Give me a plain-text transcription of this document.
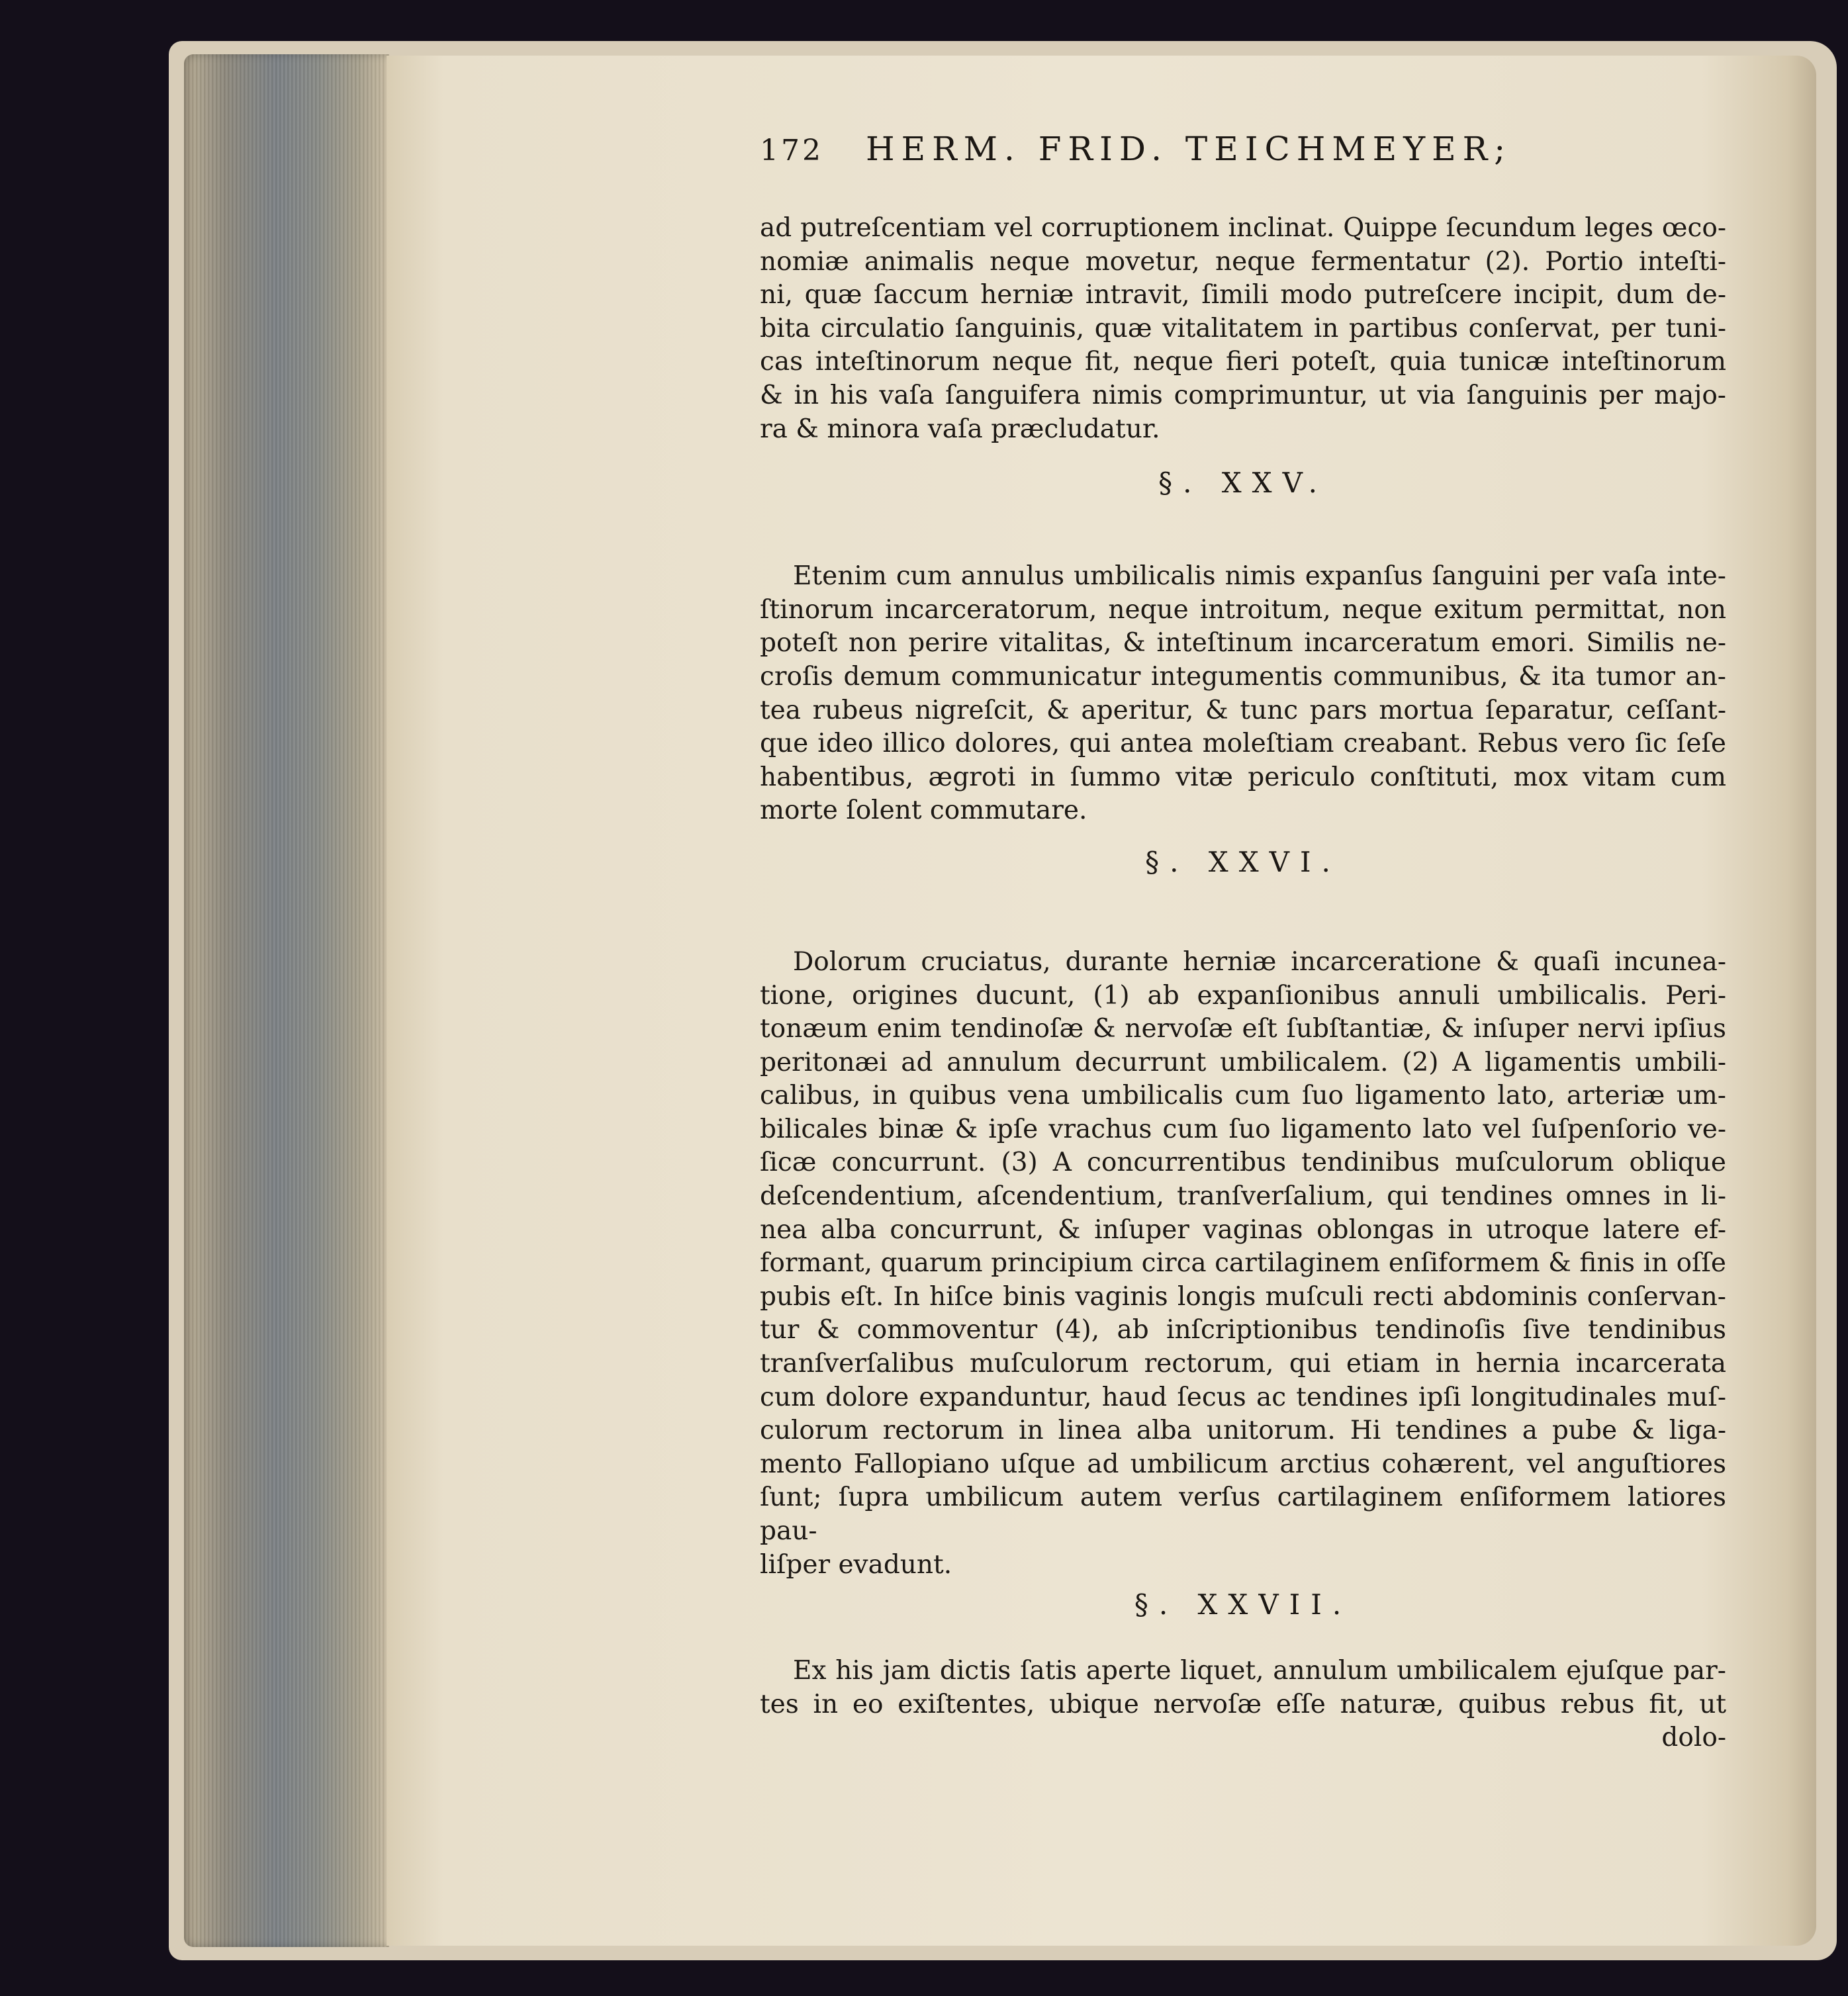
172	HERM. FRID. TEICHMEYER;

ad putreſcentiam vel corruptionem inclinat. Quippe ſecundum leges œco-

nomiæ animalis neque movetur, neque fermentatur (2). Portio inteſti-

ni, quæ ſaccum herniæ intravit, ſimili modo putreſcere incipit, dum de-

bita circulatio ſanguinis, quæ vitalitatem in partibus conſervat, per tuni-

cas inteſtinorum neque fit, neque fieri poteſt, quia tunicæ inteſtinorum

& in his vaſa ſanguifera nimis comprimuntur, ut via ſanguinis per majo-

ra & minora vaſa præcludatur.

§. XXV.

Etenim cum annulus umbilicalis nimis expanſus ſanguini per vaſa inte-

ſtinorum incarceratorum, neque introitum, neque exitum permittat, non

poteſt non perire vitalitas, & inteſtinum incarceratum emori. Similis ne-

croſis demum communicatur integumentis communibus, & ita tumor an-

tea rubeus nigreſcit, & aperitur, & tunc pars mortua ſeparatur, ceſſant-

que ideo illico dolores, qui antea moleſtiam creabant. Rebus vero ſic ſeſe

habentibus, ægroti in ſummo vitæ periculo conſtituti, mox vitam cum

morte ſolent commutare.

§. XXVI.

Dolorum cruciatus, durante herniæ incarceratione & quaſi incunea-

tione, origines ducunt, (1) ab expanſionibus annuli umbilicalis. Peri-

tonæum enim tendinoſæ & nervoſæ eſt ſubſtantiæ, & inſuper nervi ipſius

peritonæi ad annulum decurrunt umbilicalem. (2) A ligamentis umbili-

calibus, in quibus vena umbilicalis cum ſuo ligamento lato, arteriæ um-

bilicales binæ & ipſe vrachus cum ſuo ligamento lato vel ſuſpenſorio ve-

ſicæ concurrunt. (3) A concurrentibus tendinibus muſculorum oblique

deſcendentium, aſcendentium, tranſverſalium, qui tendines omnes in li-

nea alba concurrunt, & inſuper vaginas oblongas in utroque latere ef-

formant, quarum principium circa cartilaginem enſiformem & finis in oſſe

pubis eſt. In hiſce binis vaginis longis muſculi recti abdominis conſervan-

tur & commoventur (4), ab inſcriptionibus tendinoſis ſive tendinibus

tranſverſalibus muſculorum rectorum, qui etiam in hernia incarcerata

cum dolore expanduntur, haud ſecus ac tendines ipſi longitudinales muſ-

culorum rectorum in linea alba unitorum. Hi tendines a pube & liga-

mento Fallopiano uſque ad umbilicum arctius cohærent, vel anguſtiores

ſunt; ſupra umbilicum autem verſus cartilaginem enſiformem latiores pau-

liſper evadunt.

§. XXVII.

Ex his jam dictis ſatis aperte liquet, annulum umbilicalem ejuſque par-

tes in eo exiſtentes, ubique nervoſæ eſſe naturæ, quibus rebus fit, ut

dolo-
